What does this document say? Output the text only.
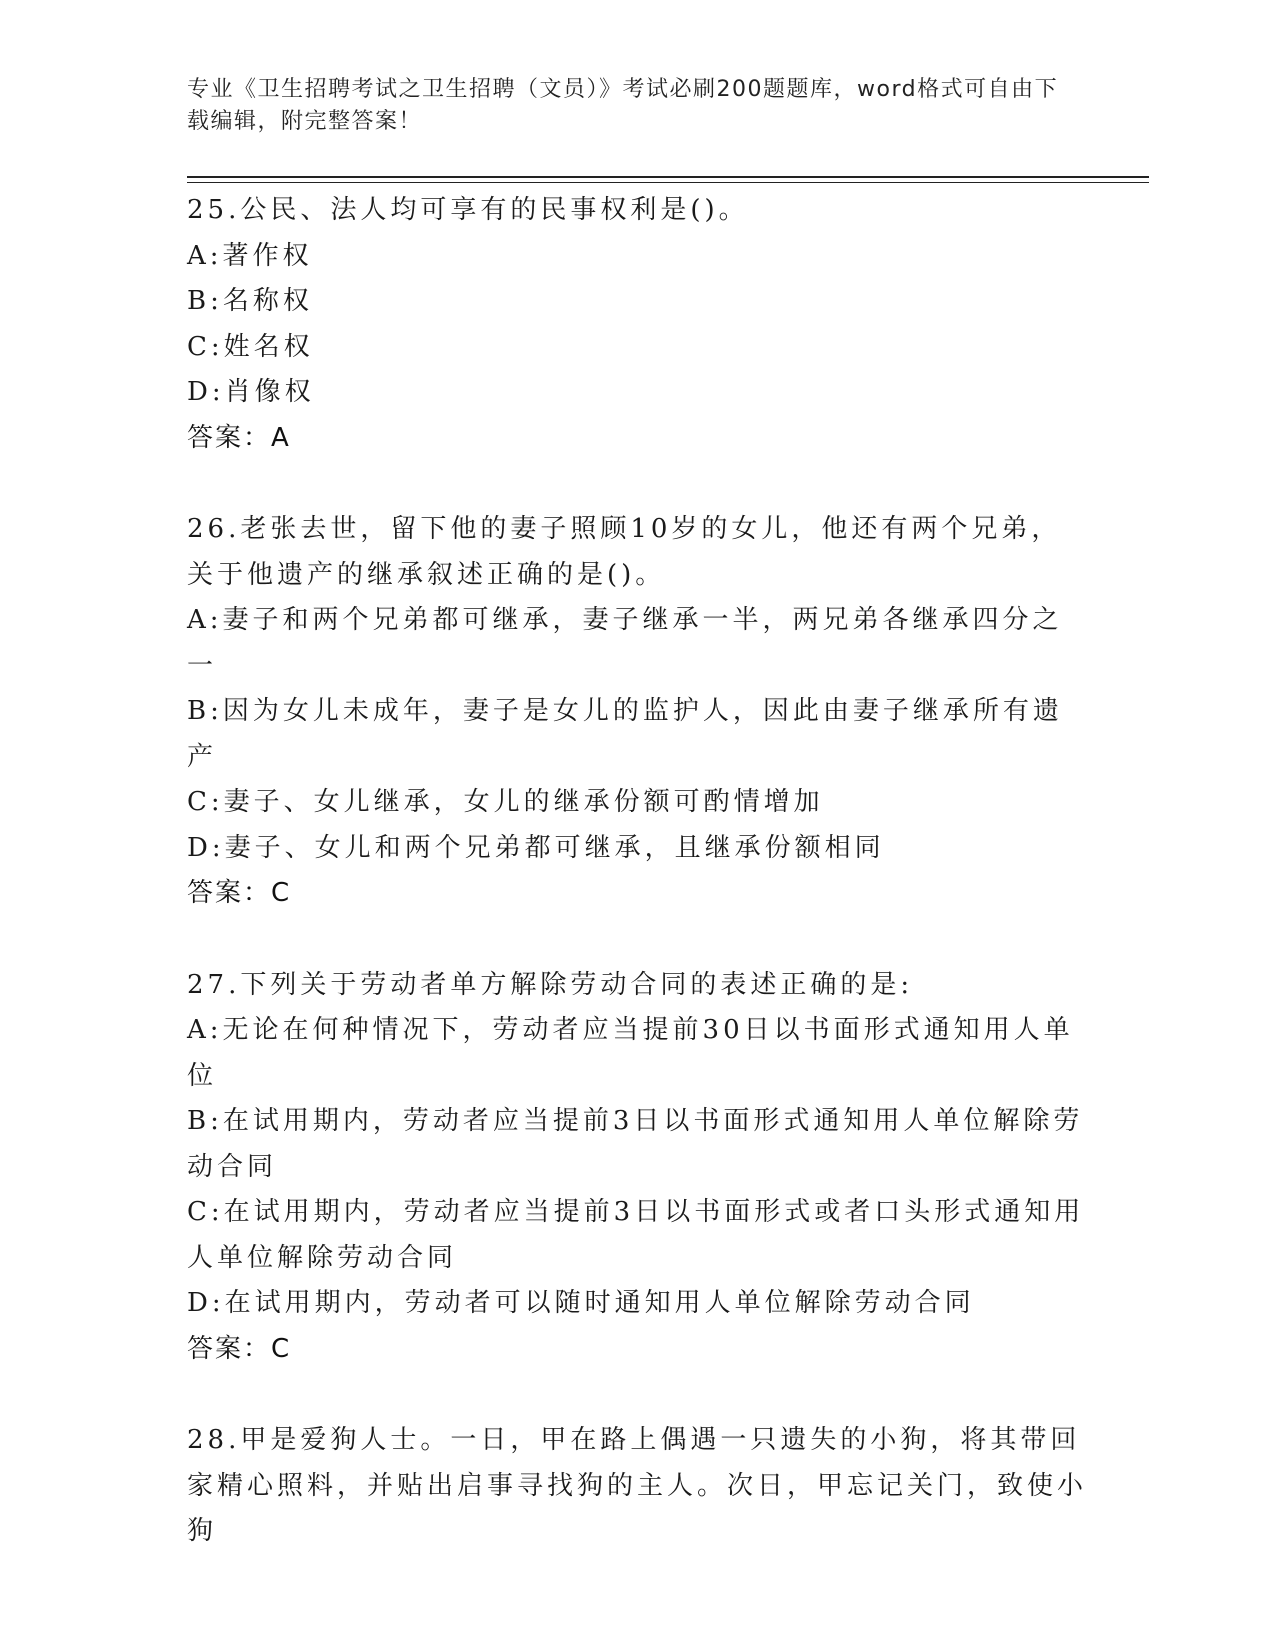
专业《卫生招聘考试之卫生招聘（文员）》考试必刷200题题库，word格式可自由下载编辑，附完整答案！
25.公民、法人均可享有的民事权利是()。
A:著作权
B:名称权
C:姓名权
D:肖像权
答案：A
26.老张去世，留下他的妻子照顾10岁的女儿，他还有两个兄弟，关于他遗产的继承叙述正确的是()。
A:妻子和两个兄弟都可继承，妻子继承一半，两兄弟各继承四分之一
B:因为女儿未成年，妻子是女儿的监护人，因此由妻子继承所有遗产
C:妻子、女儿继承，女儿的继承份额可酌情增加
D:妻子、女儿和两个兄弟都可继承，且继承份额相同
答案：C
27.下列关于劳动者单方解除劳动合同的表述正确的是:
A:无论在何种情况下，劳动者应当提前30日以书面形式通知用人单位
B:在试用期内，劳动者应当提前3日以书面形式通知用人单位解除劳动合同
C:在试用期内，劳动者应当提前3日以书面形式或者口头形式通知用人单位解除劳动合同
D:在试用期内，劳动者可以随时通知用人单位解除劳动合同
答案：C
28.甲是爱狗人士。一日，甲在路上偶遇一只遗失的小狗，将其带回家精心照料，并贴出启事寻找狗的主人。次日，甲忘记关门，致使小狗
